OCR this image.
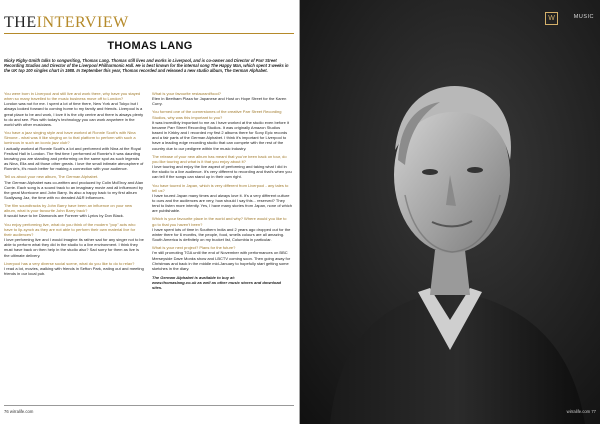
THEINTERVIEW
THOMAS LANG
Nicky Rigby-Smith talks to songwriting, Thomas Lang. Thomas still lives and works in Liverpool, and is co-owner and Director of Parr Street Recording Studios and Director of the Liverpool Philharmonic Hall. He is best known for the internal song The Happy Man, which spent 3 weeks in the UK top 100 singles chart in 1988. In September this year, Thomas recorded and released a new studio album, The German Alphabet.

You were born in Liverpool and still live and work there, why have you stayed when so many travelled to the music business move off to London?

London was not for me. I spent a lot of time there, New York and Tokyo but I always looked forward to coming home to my family and friends. Liverpool is a great place to be and work, I love it is the city centre and there is always plenty to do and see. Plus with today's technology you can work anywhere in the world with other musicians.

You have a jazz singing style and have worked at Ronnie Scott's with Nina Simone - what was it like singing on to that platform to perform with such a luminous in such an iconic jazz club?

I actually worked at Ronnie Scott's a lot and performed with Nina at the Royal Festival Hall in London. The first time I performed at Ronnie's it was daunting knowing you are standing and performing on the same spot as such legends as Nina, Ella and all those other greats. I love the small intimate atmosphere of Ronnie's, it's much better for making a connection with your audience.

Tell us about your new album, The German Alphabet.

The German Alphabet was co-written and produced by Colin McElroy and Alan Currie. Each song is a sound track to an imaginary movie and all influenced by the great Morricone and John Barry. Its also a happy back to my first album Scallywag Jaz, the time with no dreaded A&R influences.

The film soundtracks by John Barry have been an influence on your new album, what is your favourite John Barry track?

It would have to be Diamonds are Forever with Lyrics by Don Black.

You enjoy performing live, what do you think of the modern "pop" acts who have to lip-synch as they are not able to perform their own material live for their audiences?

I love performing live and I would imagine its rather sad for any singer not to be able to perform what they did in the studio to a live environment. I think they must have back on then help in the studio also? Sad sorry for them as live is the ultimate delivery.

Liverpool has a very diverse social scene, what do you like to do to relax?

I read a lot, movies, walking with friends in Sefton Park, eating out and meeting friends in our local pub.

What is your favourite restaurant/food?

Eten in Beetham Plaza for Japanese and Host on Hope Street for the Karen Curry.

You formed one of the cornerstones of the creative Parr Street Recording Studios, why was this important to you?

It was incredibly important to me as I have worked at the studio even before it became Parr Street Recording Studios. It was originally Amazon Studios based in Kirkby and I recorded my first 2 albums there for Sony Epic records and a fair parts of the German Alphabet. I think it's important for Liverpool to have a leading edge recording studio that can compete with the rest of the country due to our pedigree within the music industry.

The release of your new album has meant that you've been back on tour, do you like touring and what is it that you enjoy about it?

I love touring and enjoy the live aspect of performing and taking what I did in the studio to a live audience. It's very different to recording and that's when you can tell if the songs can stand up in their own right.

You have toured in Japan, which is very different from Liverpool - any tales to tell us?

I have toured Japan many times and always love it. It's a very different culture to ours and the audiences are very, how should I say this... reserved? They tend to listen more intently. Yes, I have many stories from Japan, none of which are publishable.

Which is your favourite place in the world and why? Where would you like to go to that you haven't been?

I have spent lots of time in Southern India and 2 years ago dropped out for the winter there for 6 months, the people, food, smells colours are all amazing. South America is definitely on my bucket list, Columbia in particular.

What is your next project? Plans for the future?

I'm still promoting TGA until the end of November with performances on BBC Merseyside Dave Monks show and LBCTV coming soon. Then going away for Christmas and back in the middle mid-January to hopefully start getting some sketches in the diary.

The German Alphabet is available to buy at:
www.thomaslang.co.uk as well as other music stores and download sites.

76 wirralife.com
W	MUSIC
wirralife.com 77
